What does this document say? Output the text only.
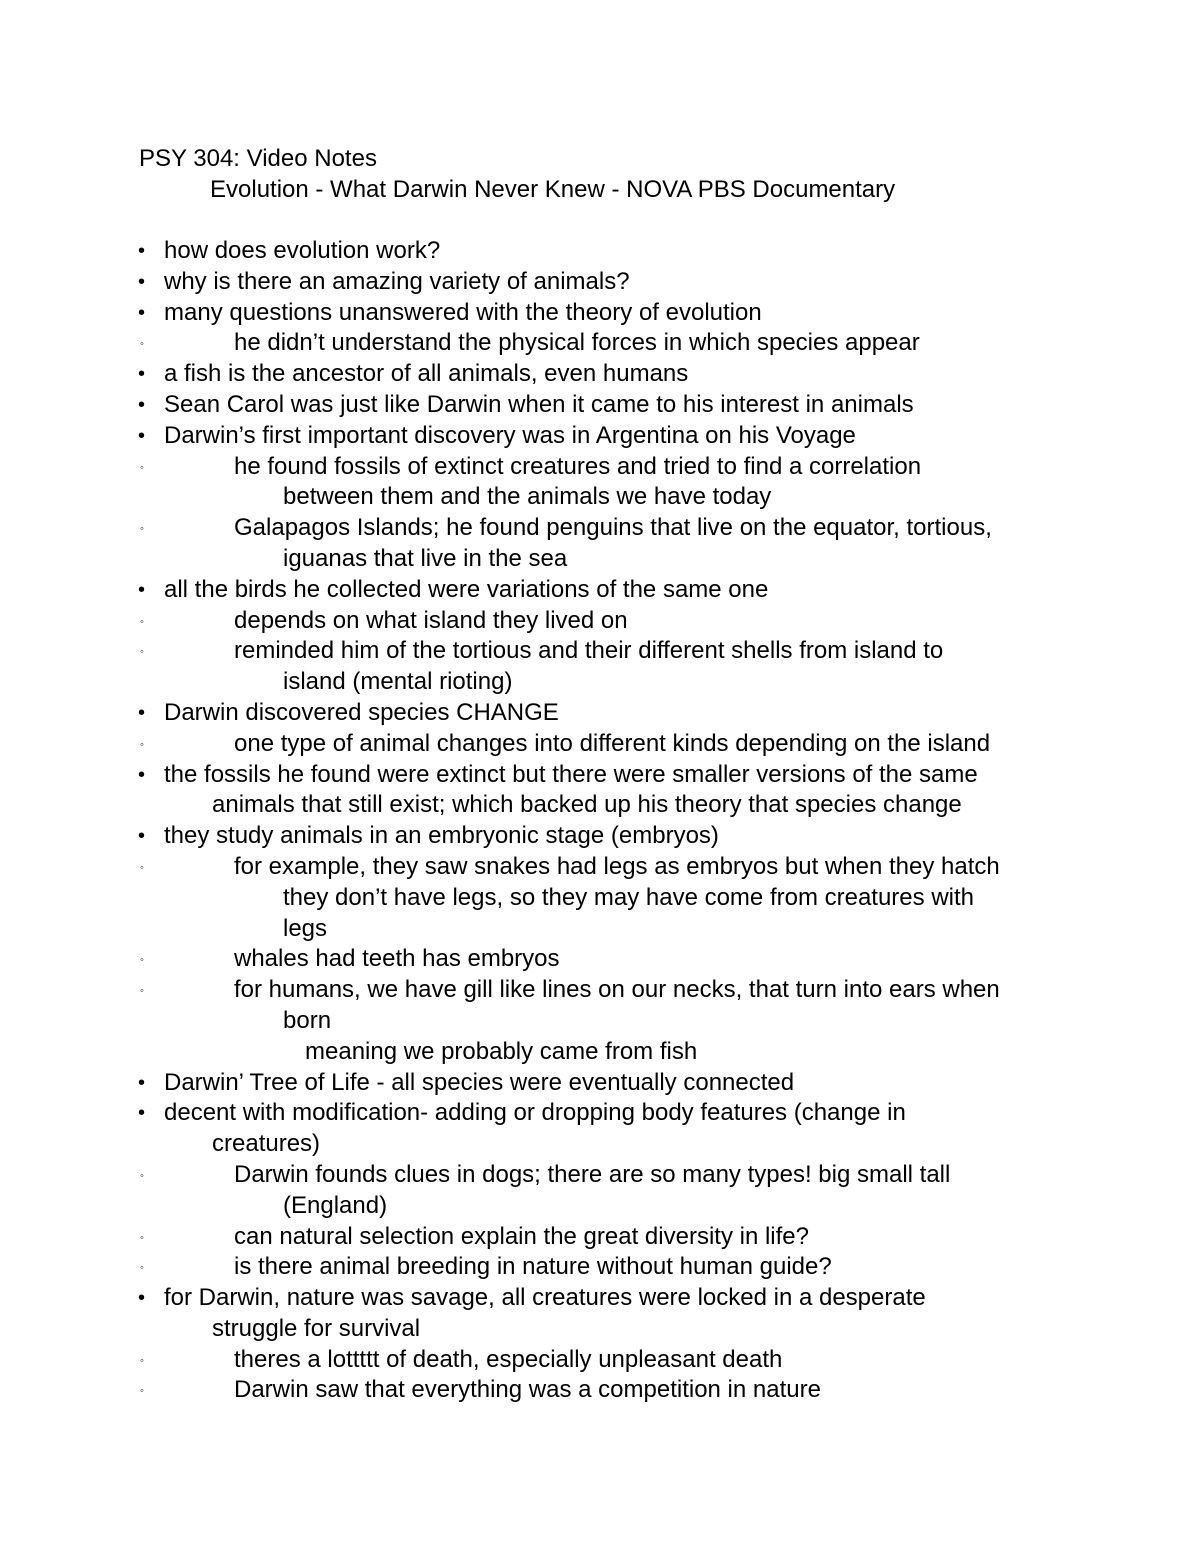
PSY 304: Video Notes
Evolution - What Darwin Never Knew - NOVA PBS Documentary
• how does evolution work?
• why is there an amazing variety of animals?
• many questions unanswered with the theory of evolution
◦	he didn’t understand the physical forces in which species appear
• a fish is the ancestor of all animals, even humans
• Sean Carol was just like Darwin when it came to his interest in animals
• Darwin’s first important discovery was in Argentina on his Voyage
◦	he found fossils of extinct creatures and tried to find a correlation
between them and the animals we have today
◦	Galapagos Islands; he found penguins that live on the equator, tortious,
iguanas that live in the sea
• all the birds he collected were variations of the same one
◦	depends on what island they lived on
◦	reminded him of the tortious and their different shells from island to
island (mental rioting)
• Darwin discovered species CHANGE
◦	one type of animal changes into different kinds depending on the island
• the fossils he found were extinct but there were smaller versions of the same
animals that still exist; which backed up his theory that species change
• they study animals in an embryonic stage (embryos)
◦	for example, they saw snakes had legs as embryos but when they hatch
they don’t have legs, so they may have come from creatures with
legs
◦	whales had teeth has embryos
◦	for humans, we have gill like lines on our necks, that turn into ears when
born
meaning we probably came from fish
• Darwin’ Tree of Life - all species were eventually connected
• decent with modification- adding or dropping body features (change in
creatures)
◦	Darwin founds clues in dogs; there are so many types! big small tall
(England)
◦	can natural selection explain the great diversity in life?
◦	is there animal breeding in nature without human guide?
• for Darwin, nature was savage, all creatures were locked in a desperate
struggle for survival
◦	theres a lottttt of death, especially unpleasant death
◦	Darwin saw that everything was a competition in nature
